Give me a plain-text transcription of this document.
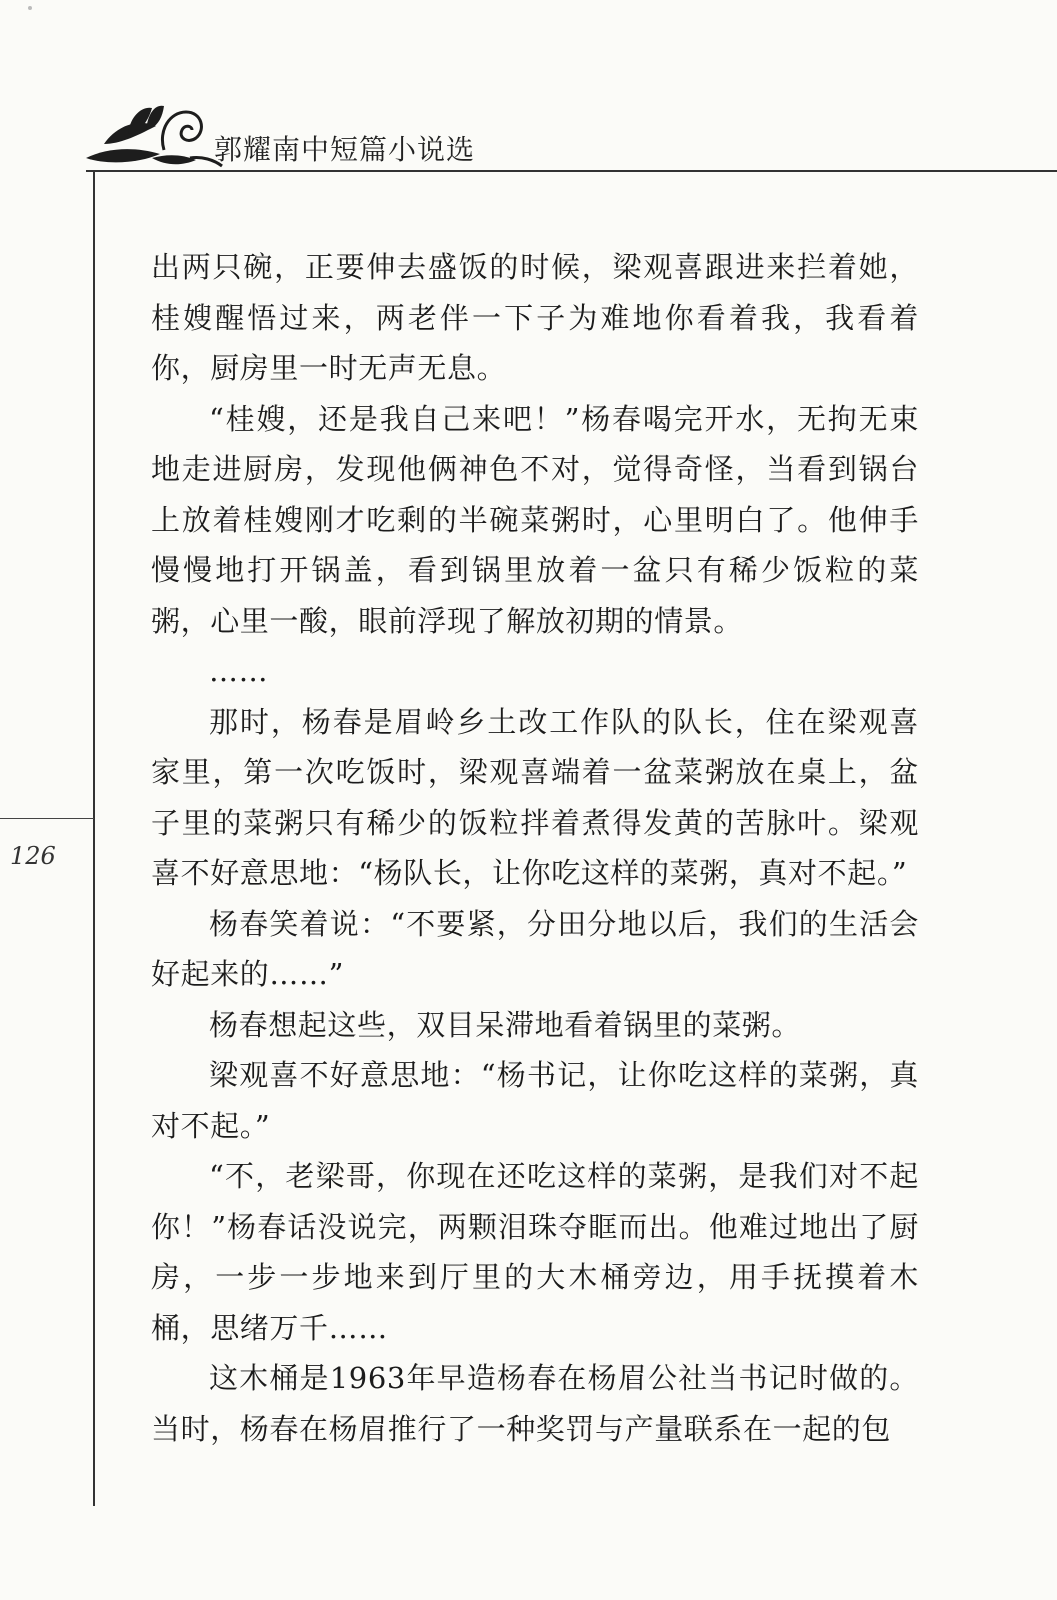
郭耀南中短篇小说选
126

出两只碗，正要伸去盛饭的时候，梁观喜跟进来拦着她，桂嫂醒悟过来，两老伴一下子为难地你看着我，我看着你，厨房里一时无声无息。

“桂嫂，还是我自己来吧！”杨春喝完开水，无拘无束地走进厨房，发现他俩神色不对，觉得奇怪，当看到锅台上放着桂嫂刚才吃剩的半碗菜粥时，心里明白了。他伸手慢慢地打开锅盖，看到锅里放着一盆只有稀少饭粒的菜粥，心里一酸，眼前浮现了解放初期的情景。

……

那时，杨春是眉岭乡土改工作队的队长，住在梁观喜家里，第一次吃饭时，梁观喜端着一盆菜粥放在桌上，盆子里的菜粥只有稀少的饭粒拌着煮得发黄的苦脉叶。梁观喜不好意思地：“杨队长，让你吃这样的菜粥，真对不起。”

杨春笑着说：“不要紧，分田分地以后，我们的生活会好起来的……”

杨春想起这些，双目呆滞地看着锅里的菜粥。

梁观喜不好意思地：“杨书记，让你吃这样的菜粥，真对不起。”

“不，老梁哥，你现在还吃这样的菜粥，是我们对不起你！”杨春话没说完，两颗泪珠夺眶而出。他难过地出了厨房，一步一步地来到厅里的大木桶旁边，用手抚摸着木桶，思绪万千……

这木桶是1963年早造杨春在杨眉公社当书记时做的。当时，杨春在杨眉推行了一种奖罚与产量联系在一起的包
